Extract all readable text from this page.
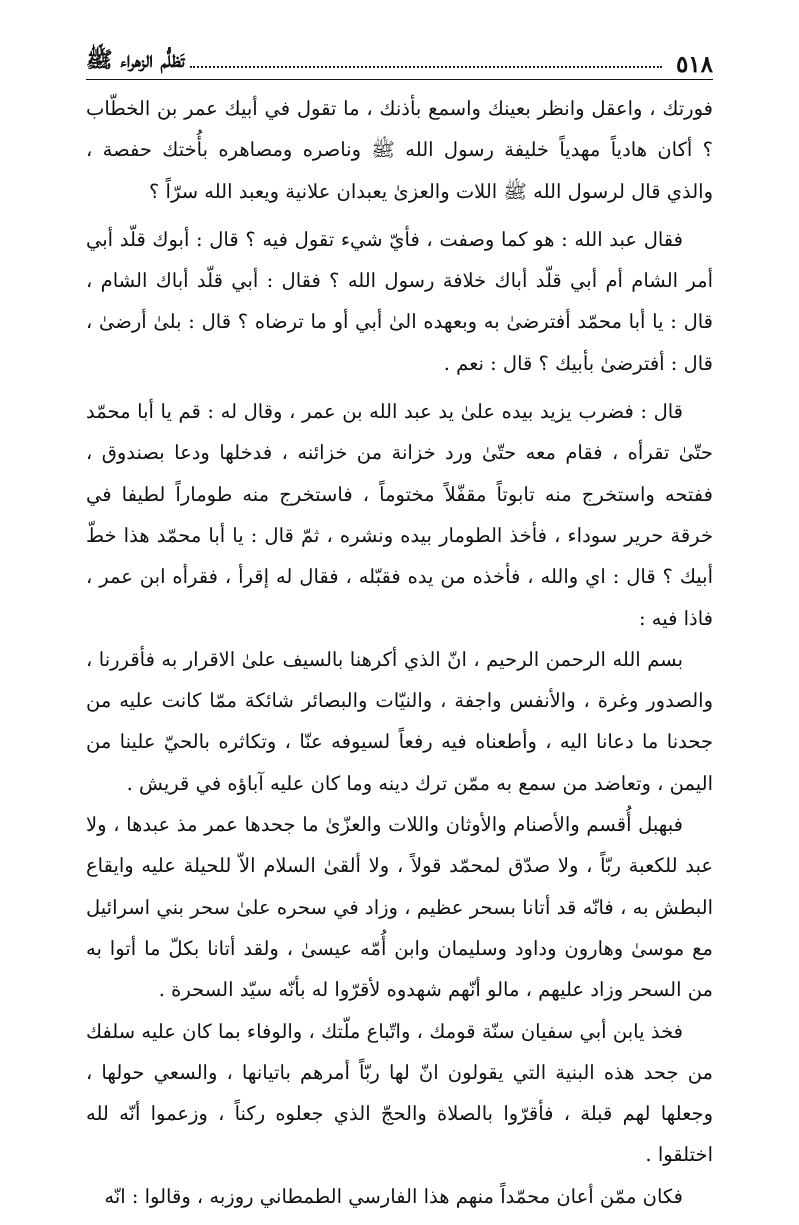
٥١٨
تَظلُّم الزهراء ﷺ

فورتك ، واعقل وانظر بعينك واسمع بأذنك ، ما تقول في أبيك عمر بن الخطّاب ؟ أكان هادياً مهدياً خليفة رسول الله ﷺ وناصره ومصاهره بأُختك حفصة ، والذي قال لرسول الله ﷺ اللات والعزىٰ يعبدان علانية ويعبد الله سرّاً ؟

فقال عبد الله : هو كما وصفت ، فأيّ شيء تقول فيه ؟ قال : أبوك قلّد أبي أمر الشام أم أبي قلّد أباك خلافة رسول الله ؟ فقال : أبي قلّد أباك الشام ، قال : يا أبا محمّد أفترضىٰ به وبعهده الىٰ أبي أو ما ترضاه ؟ قال : بلىٰ أرضىٰ ، قال : أفترضىٰ بأبيك ؟ قال : نعم .

قال : فضرب يزيد بيده علىٰ يد عبد الله بن عمر ، وقال له : قم يا أبا محمّد حتّىٰ تقرأه ، فقام معه حتّىٰ ورد خزانة من خزائنه ، فدخلها ودعا بصندوق ، ففتحه واستخرج منه تابوتاً مقفّلاً مختوماً ، فاستخرج منه طوماراً لطيفا في خرقة حرير سوداء ، فأخذ الطومار بيده ونشره ، ثمّ قال : يا أبا محمّد هذا خطّ أبيك ؟ قال : اي والله ، فأخذه من يده فقبّله ، فقال له إقرأ ، فقرأه ابن عمر ، فاذا فيه :

بسم الله الرحمن الرحيم ، انّ الذي أكرهنا بالسيف علىٰ الاقرار به فأقررنا ، والصدور وغرة ، والأنفس واجفة ، والنيّات والبصائر شائكة ممّا كانت عليه من جحدنا ما دعانا اليه ، وأطعناه فيه رفعاً لسيوفه عنّا ، وتكاثره بالحيّ علينا من اليمن ، وتعاضد من سمع به ممّن ترك دينه وما كان عليه آباؤه في قريش .

فبهبل أُقسم والأصنام والأوثان واللات والعزّىٰ ما جحدها عمر مذ عبدها ، ولا عبد للكعبة ربّاً ، ولا صدّق لمحمّد قولاً ، ولا ألقىٰ السلام الاّ للحيلة عليه وايقاع البطش به ، فانّه قد أتانا بسحر عظيم ، وزاد في سحره علىٰ سحر بني اسرائيل مع موسىٰ وهارون وداود وسليمان وابن أُمّه عيسىٰ ، ولقد أتانا بكلّ ما أتوا به من السحر وزاد عليهم ، مالو أنّهم شهدوه لأقرّوا له بأنّه سيّد السحرة .

فخذ يابن أبي سفيان سنّة قومك ، واتّباع ملّتك ، والوفاء بما كان عليه سلفك من جحد هذه البنية التي يقولون انّ لها ربّاً أمرهم باتيانها ، والسعي حولها ، وجعلها لهم قبلة ، فأقرّوا بالصلاة والحجّ الذي جعلوه ركناً ، وزعموا أنّه لله اختلقوا .

فكان ممّن أعان محمّداً منهم هذا الفارسي الطمطاني روزبه ، وقالوا : انّه
